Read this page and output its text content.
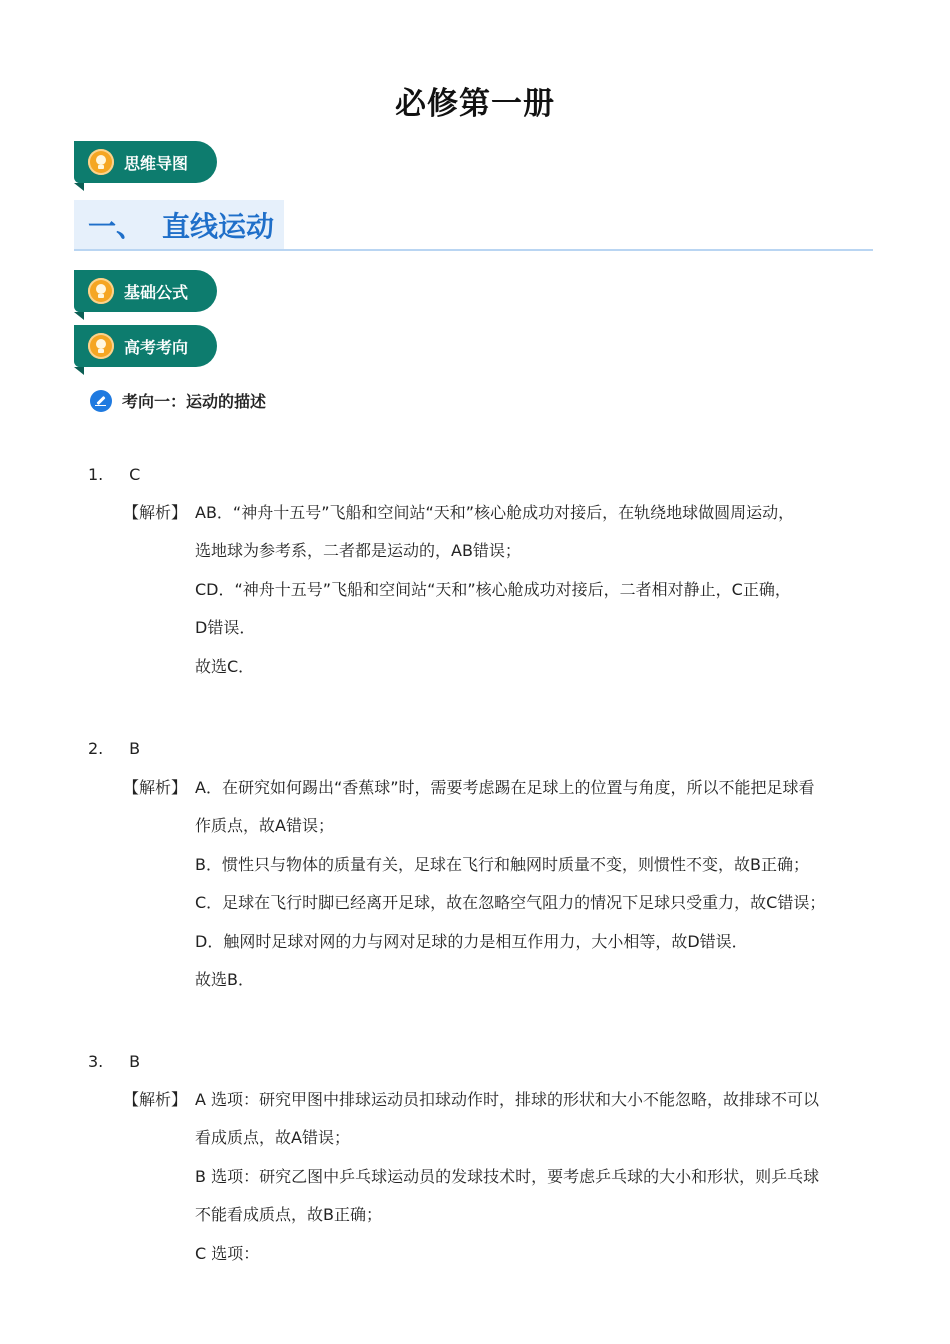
必修第一册
思维导图
一、 直线运动
基础公式
高考考向
考向一：运动的描述
1. C
【解析】 AB．“神舟十五号”飞船和空间站“天和”核心舱成功对接后，在轨绕地球做圆周运动，

选地球为参考系，二者都是运动的，AB错误；

CD．“神舟十五号”飞船和空间站“天和”核心舱成功对接后，二者相对静止，C正确，

D错误．

故选C．

2. B
【解析】 A．在研究如何踢出“香蕉球”时，需要考虑踢在足球上的位置与角度，所以不能把足球看

作质点，故A错误；

B．惯性只与物体的质量有关，足球在飞行和触网时质量不变，则惯性不变，故B正确；

C．足球在飞行时脚已经离开足球，故在忽略空气阻力的情况下足球只受重力，故C错误；

D．触网时足球对网的力与网对足球的力是相互作用力，大小相等，故D错误．

故选B．

3. B
【解析】 A 选项：研究甲图中排球运动员扣球动作时，排球的形状和大小不能忽略，故排球不可以

看成质点，故A错误；

B 选项：研究乙图中乒乓球运动员的发球技术时，要考虑乒乓球的大小和形状，则乒乓球

不能看成质点，故B正确；

C 选项：
